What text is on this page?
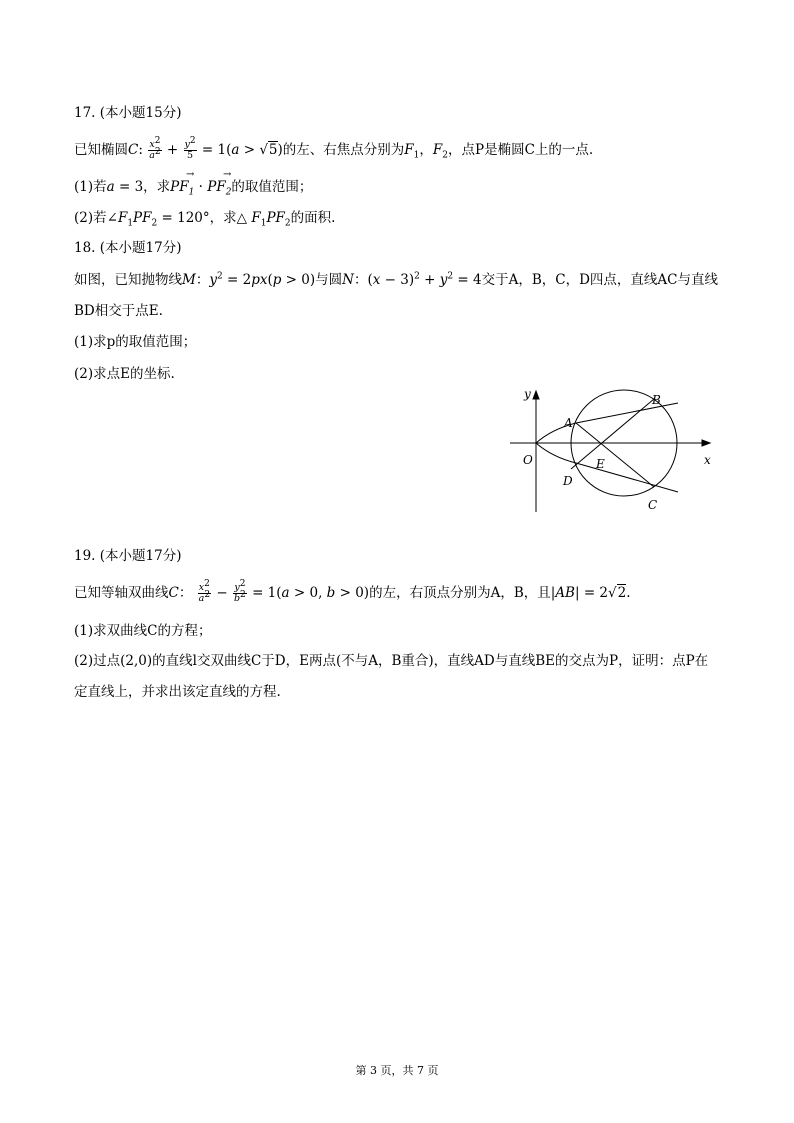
17. (本小题15分)
已知椭圆C: $\frac{x^2}{a^2} + \frac{y^2}{5} = 1(a > √5)$的左、右焦点分别为$F_1$，$F_2$，点P是椭圆C上的一点.
(1)若a = 3，求→ $PF_1$ · → $PF_2$的取值范围；
(2)若$\angle F_1PF_2 = 120^\circ$，求△ $F_1PF_2$的面积.
18. (本小题17分)
如图，已知抛物线M：$y^2 = 2px(p > 0)$与圆N：$(x - 3)^2 + y^2 = 4$交于A，B，C，D四点，直线AC与直线
BD相交于点E.
(1)求p的取值范围；
(2)求点E的坐标.
y
x
O
A
B
C
D
E
19. (本小题17分)
已知等轴双曲线C： $\frac{x^2}{a^2} - \frac{y^2}{b^2} = 1(a > 0$, b > 0)的左，右顶点分别为A，B，且|AB| = 2√2.
(1)求双曲线C的方程；
(2)过点(2,0)的直线l交双曲线C于D，E两点(不与A，B重合)，直线AD与直线BE的交点为P，证明：点P在
定直线上，并求出该定直线的方程.
第 3 页，共 7 页
